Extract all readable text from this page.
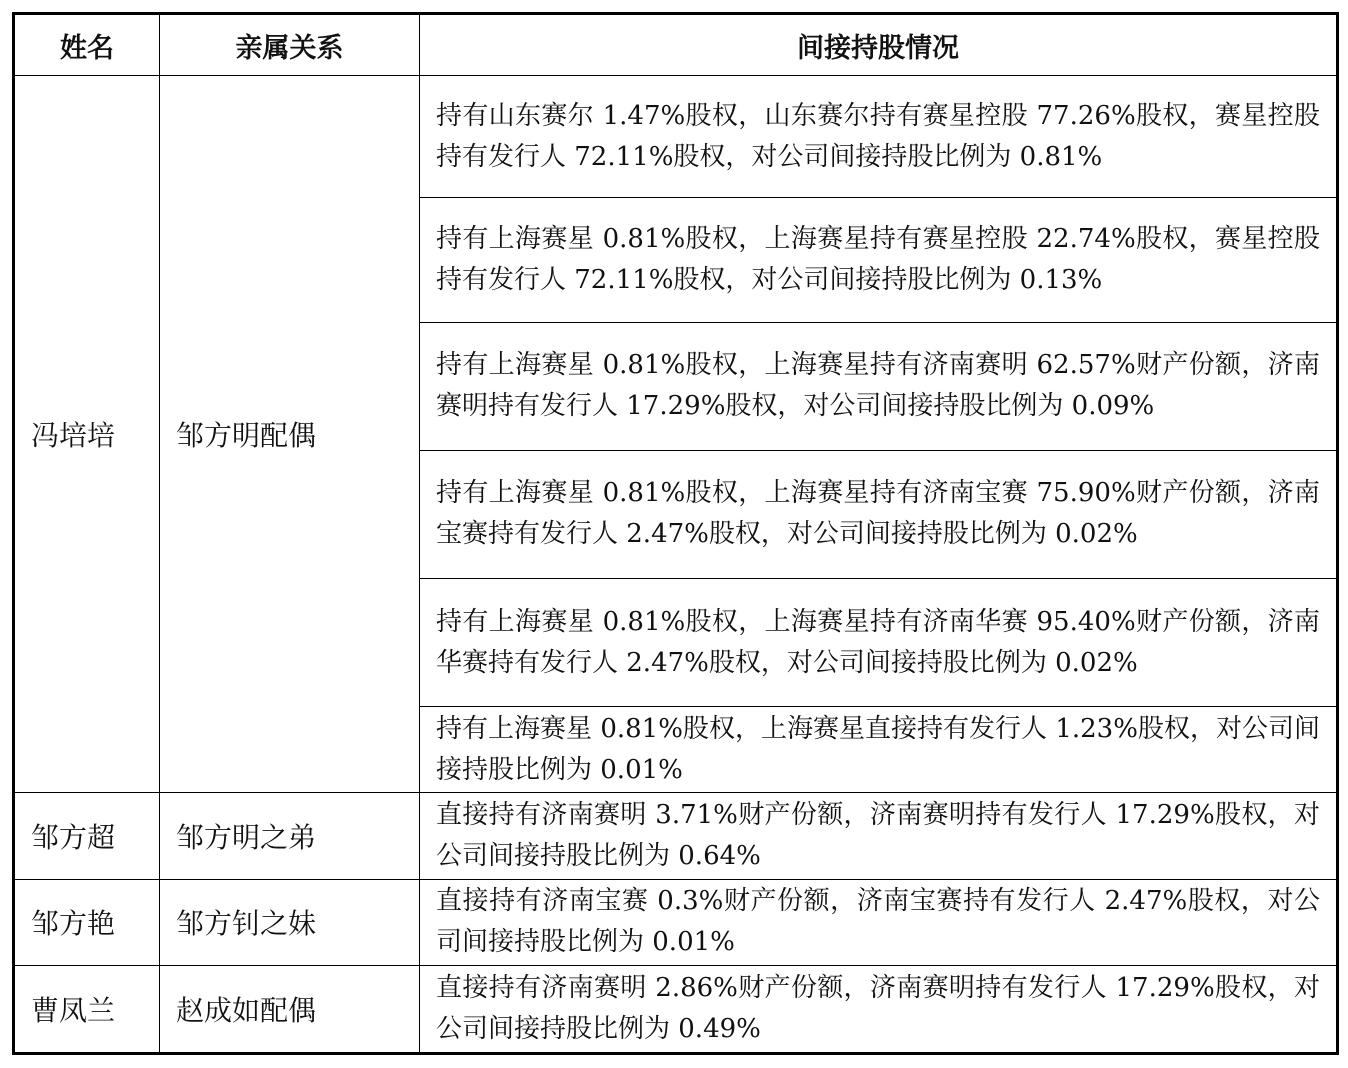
姓名	亲属关系	间接持股情况
冯培培	邹方明配偶	持有山东赛尔 1.47%股权，山东赛尔持有赛星控股 77.26%股权，赛星控股持有发行人 72.11%股权，对公司间接持股比例为 0.81%
		持有上海赛星 0.81%股权，上海赛星持有赛星控股 22.74%股权，赛星控股持有发行人 72.11%股权，对公司间接持股比例为 0.13%
		持有上海赛星 0.81%股权，上海赛星持有济南赛明 62.57%财产份额，济南赛明持有发行人 17.29%股权，对公司间接持股比例为 0.09%
		持有上海赛星 0.81%股权，上海赛星持有济南宝赛 75.90%财产份额，济南宝赛持有发行人 2.47%股权，对公司间接持股比例为 0.02%
		持有上海赛星 0.81%股权，上海赛星持有济南华赛 95.40%财产份额，济南华赛持有发行人 2.47%股权，对公司间接持股比例为 0.02%
		持有上海赛星 0.81%股权，上海赛星直接持有发行人 1.23%股权，对公司间接持股比例为 0.01%
邹方超	邹方明之弟	直接持有济南赛明 3.71%财产份额，济南赛明持有发行人 17.29%股权，对公司间接持股比例为 0.64%
邹方艳	邹方钊之妹	直接持有济南宝赛 0.3%财产份额，济南宝赛持有发行人 2.47%股权，对公司间接持股比例为 0.01%
曹凤兰	赵成如配偶	直接持有济南赛明 2.86%财产份额，济南赛明持有发行人 17.29%股权，对公司间接持股比例为 0.49%
